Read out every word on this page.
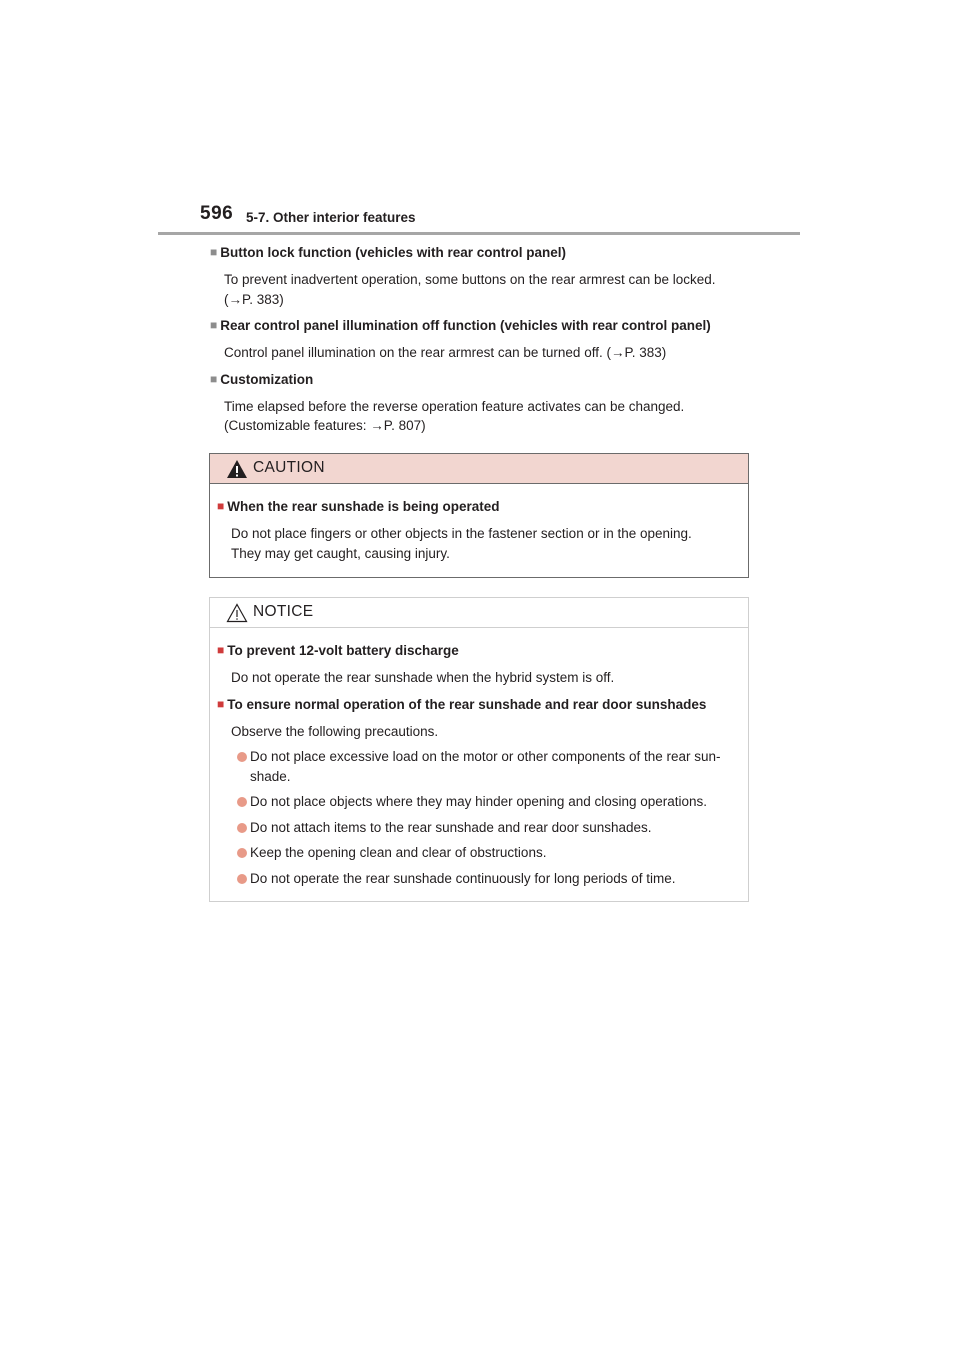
596 5-7. Other interior features
■ Button lock function (vehicles with rear control panel)
To prevent inadvertent operation, some buttons on the rear armrest can be locked.
(→P. 383)
■ Rear control panel illumination off function (vehicles with rear control panel)
Control panel illumination on the rear armrest can be turned off. (→P. 383)
■ Customization
Time elapsed before the reverse operation feature activates can be changed.
(Customizable features: →P. 807)
CAUTION
■ When the rear sunshade is being operated
Do not place fingers or other objects in the fastener section or in the opening.
They may get caught, causing injury.
NOTICE
■ To prevent 12-volt battery discharge
Do not operate the rear sunshade when the hybrid system is off.
■ To ensure normal operation of the rear sunshade and rear door sunshades
Observe the following precautions.
Do not place excessive load on the motor or other components of the rear sun-
shade.
Do not place objects where they may hinder opening and closing operations.
Do not attach items to the rear sunshade and rear door sunshades.
Keep the opening clean and clear of obstructions.
Do not operate the rear sunshade continuously for long periods of time.
